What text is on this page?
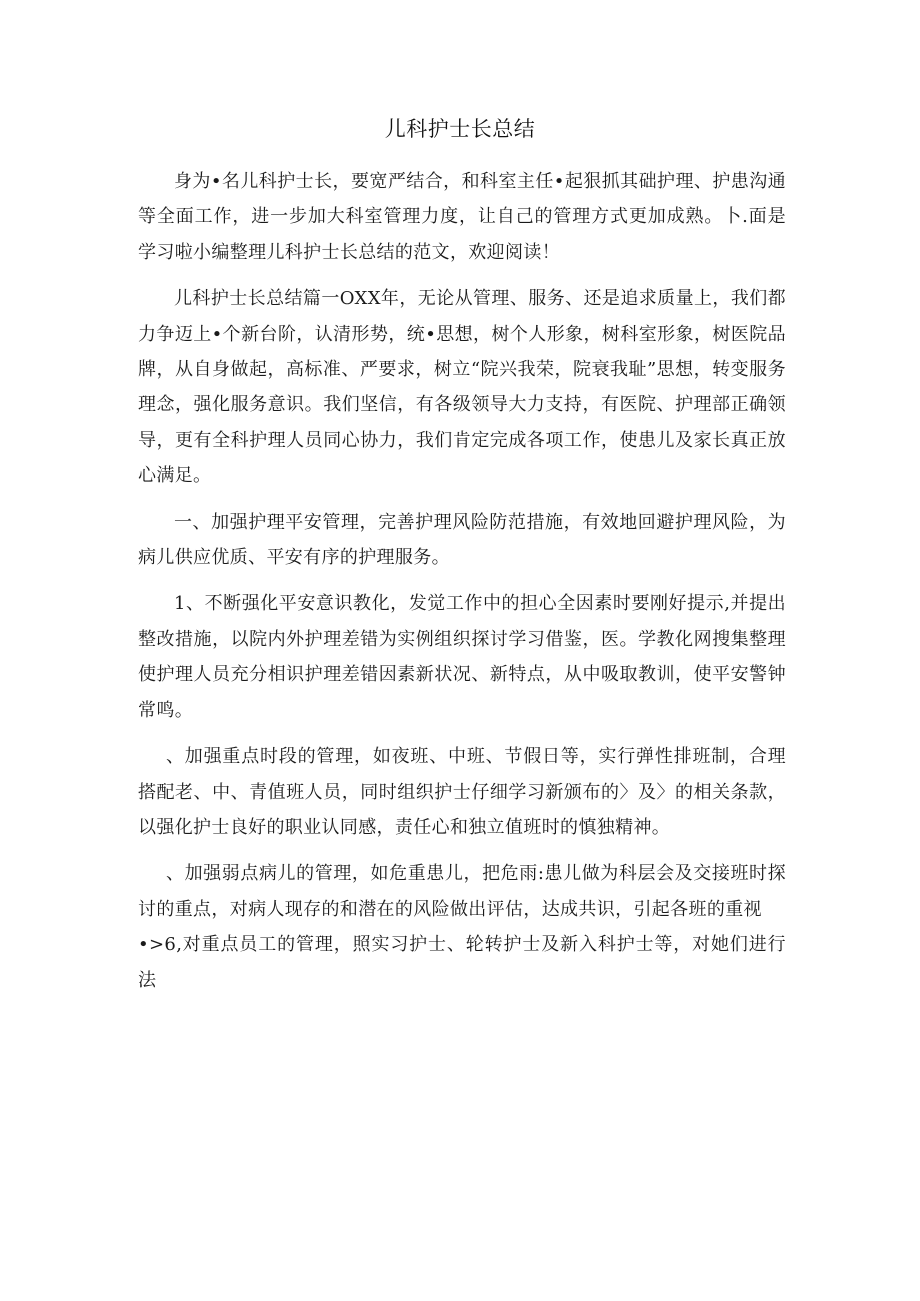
儿科护士长总结

身为•名儿科护士长，要宽严结合，和科室主任•起狠抓其础护理、护患沟通等全面工作，进一步加大科室管理力度，让自己的管理方式更加成熟。卜.面是学习啦小编整理儿科护士长总结的范文，欢迎阅读！

儿科护士长总结篇一OXX年，无论从管理、服务、还是追求质量上，我们都力争迈上•个新台阶，认清形势，统•思想，树个人形象，树科室形象，树医院品牌，从自身做起，高标准、严要求，树立“院兴我荣，院衰我耻”思想，转变服务理念，强化服务意识。我们坚信，有各级领导大力支持，有医院、护理部正确领导，更有全科护理人员同心协力，我们肯定完成各项工作，使患儿及家长真正放心满足。

一、加强护理平安管理，完善护理风险防范措施，有效地回避护理风险，为病儿供应优质、平安有序的护理服务。

1、不断强化平安意识教化，发觉工作中的担心全因素时要刚好提示,并提出整改措施，以院内外护理差错为实例组织探讨学习借鉴，医。学教化网搜集整理使护理人员充分相识护理差错因素新状况、新特点，从中吸取教训，使平安警钟常鸣。

、加强重点时段的管理，如夜班、中班、节假日等，实行弹性排班制，合理搭配老、中、青值班人员，同时组织护士仔细学习新颁布的〉及〉的相关条款，以强化护士良好的职业认同感，责任心和独立值班时的慎独精神。

、加强弱点病儿的管理，如危重患儿，把危雨:患儿做为科层会及交接班时探讨的重点，对病人现存的和潜在的风险做出评估，达成共识，引起各班的重视

•>6,对重点员工的管理，照实习护士、轮转护士及新入科护士等，对她们进行法
